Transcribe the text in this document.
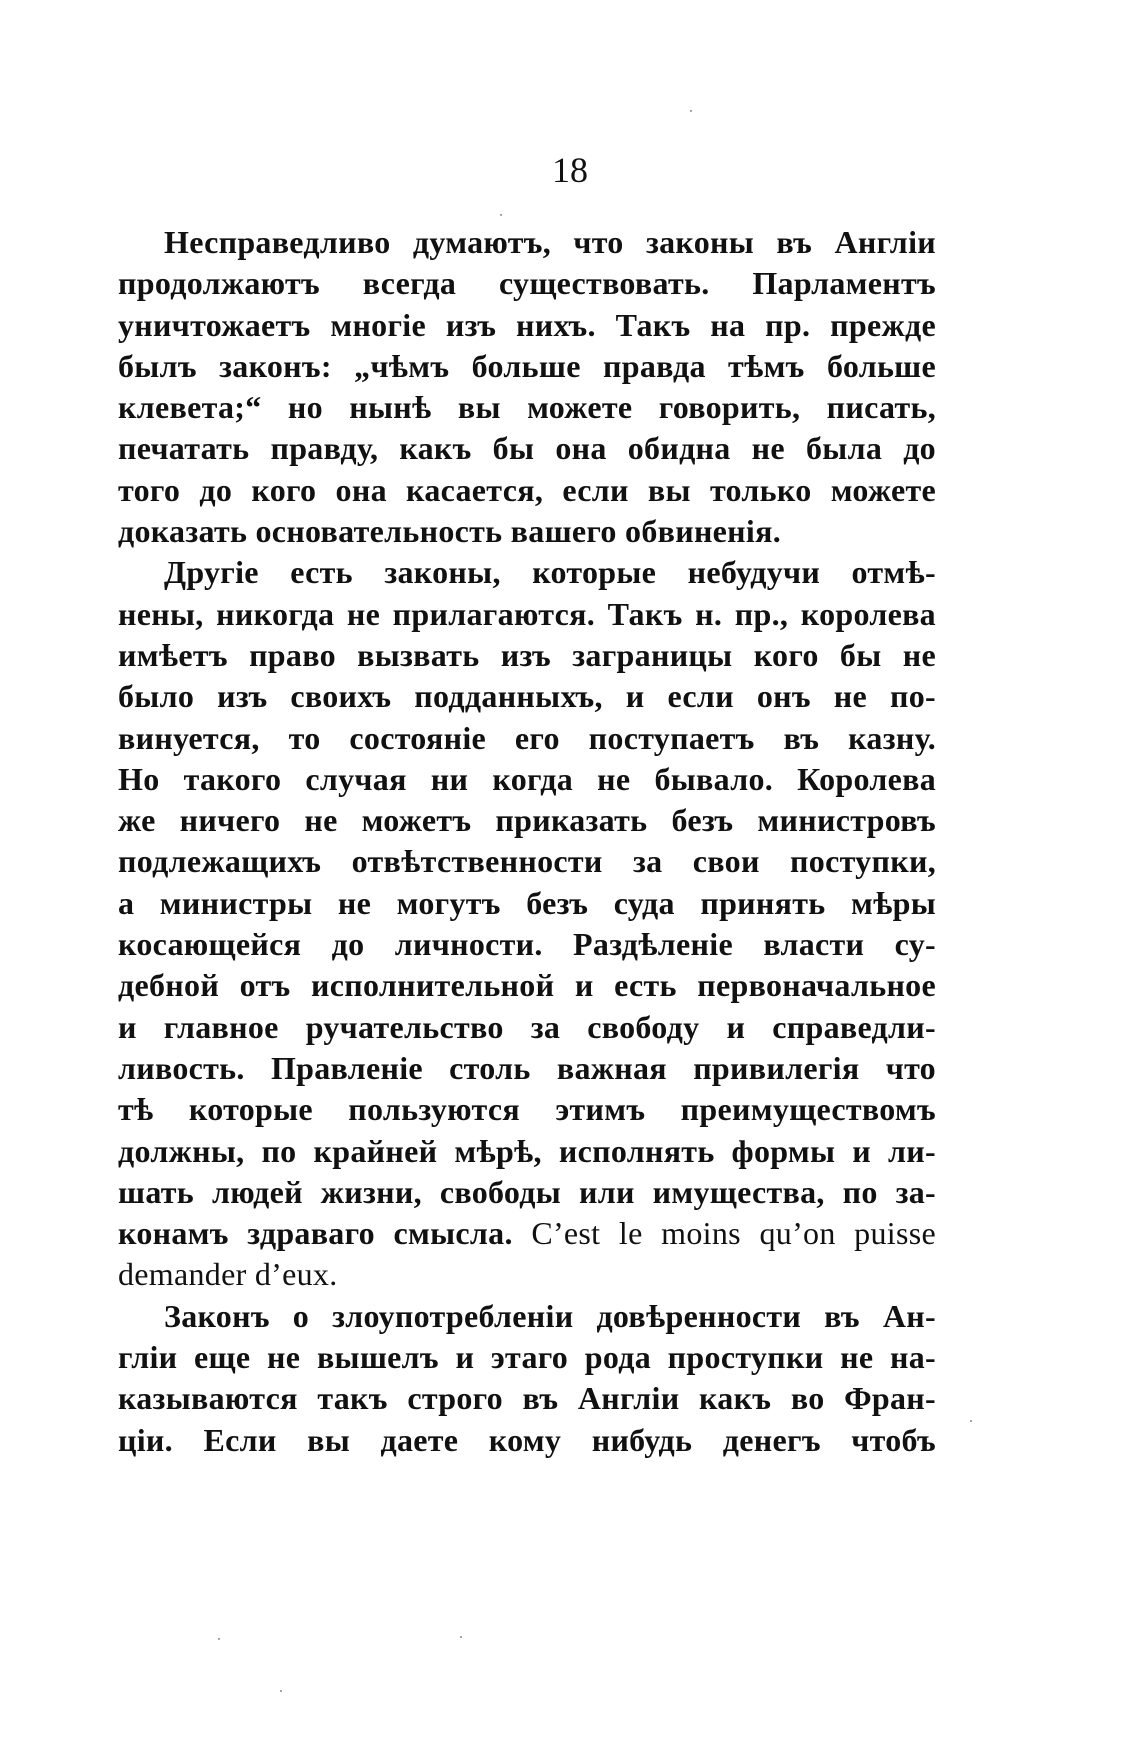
18
Несправедливо думаютъ, что законы въ Англіи
продолжаютъ всегда существовать. Парламентъ
уничтожаетъ многіе изъ нихъ. Такъ на пр. прежде
былъ законъ: „чѣмъ больше правда тѣмъ больше
клевета;“ но нынѣ вы можете говорить, писать,
печатать правду, какъ бы она обидна не была до
того до кого она касается, если вы только можете
доказать основательность вашего обвиненія.
Другіе есть законы, которые небудучи отмѣ-
нены, никогда не прилагаются. Такъ н. пр., королева
имѣетъ право вызвать изъ заграницы кого бы не
было изъ своихъ подданныхъ, и если онъ не по-
винуется, то состояніе его поступаетъ въ казну.
Но такого случая ни когда не бывало. Королева
же ничего не можетъ приказать безъ министровъ
подлежащихъ отвѣтственности за свои поступки,
а министры не могутъ безъ суда принять мѣры
косающейся до личности. Раздѣленіе власти су-
дебной отъ исполнительной и есть первоначальное
и главное ручательство за свободу и справедли-
ливость. Правленіе столь важная привилегія что
тѣ которые пользуются этимъ преимуществомъ
должны, по крайней мѣрѣ, исполнять формы и ли-
шать людей жизни, свободы или имущества, по за-
конамъ здраваго смысла. C’est le moins qu’on puisse
demander d’eux.
Законъ о злоупотребленіи довѣренности въ Ан-
гліи еще не вышелъ и этаго рода проступки не на-
казываются такъ строго въ Англіи какъ во Фран-
ціи. Если вы даете кому нибудь денегъ чтобъ
